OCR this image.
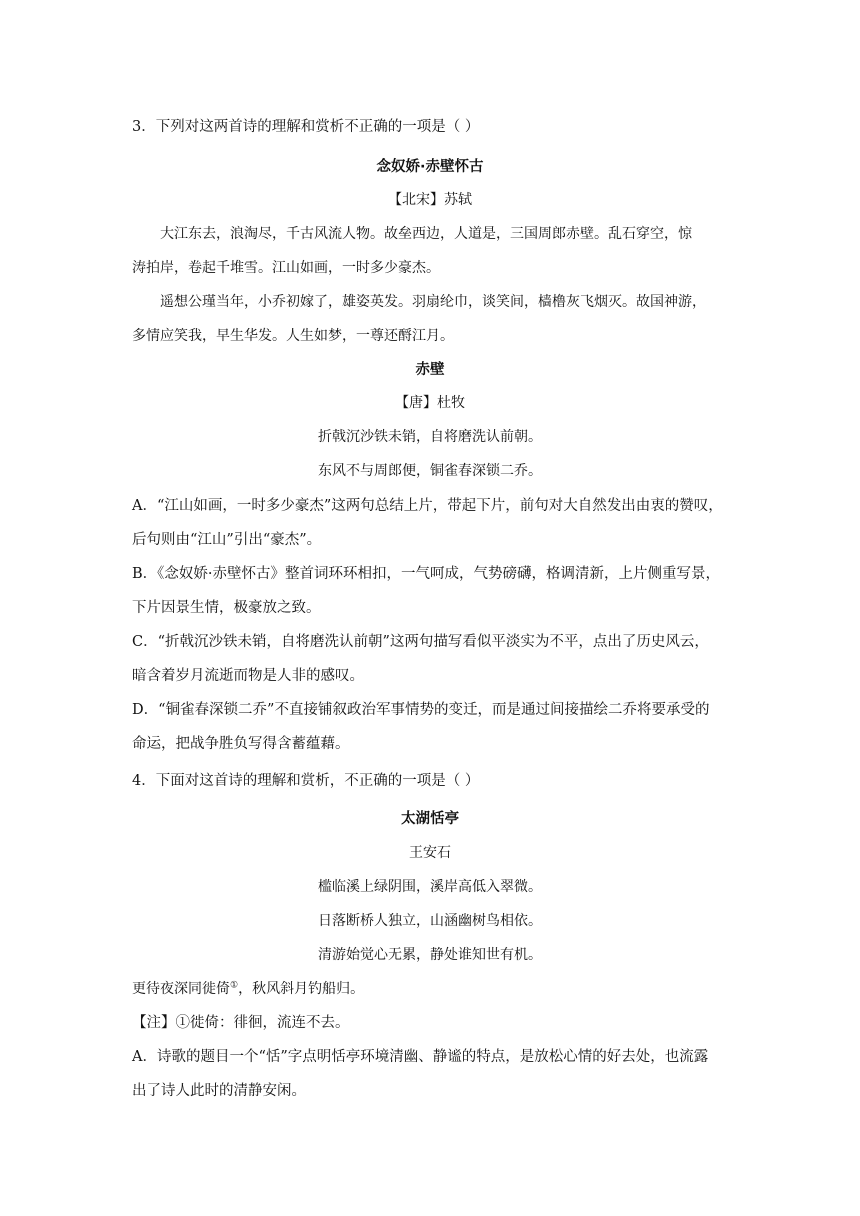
3．下列对这两首诗的理解和赏析不正确的一项是（ ）
念奴娇·赤壁怀古
【北宋】苏轼
大江东去，浪淘尽，千古风流人物。故垒西边，人道是，三国周郎赤壁。乱石穿空，惊
涛拍岸，卷起千堆雪。江山如画，一时多少豪杰。
遥想公瑾当年，小乔初嫁了，雄姿英发。羽扇纶巾，谈笑间，樯橹灰飞烟灭。故国神游，
多情应笑我，早生华发。人生如梦，一尊还酹江月。
赤壁
【唐】杜牧
折戟沉沙铁未销，自将磨洗认前朝。
东风不与周郎便，铜雀春深锁二乔。
A．“江山如画，一时多少豪杰”这两句总结上片，带起下片，前句对大自然发出由衷的赞叹，
后句则由“江山”引出“豪杰”。
B．《念奴娇·赤壁怀古》整首词环环相扣，一气呵成，气势磅礴，格调清新，上片侧重写景，
下片因景生情，极豪放之致。
C．“折戟沉沙铁未销，自将磨洗认前朝”这两句描写看似平淡实为不平，点出了历史风云，
暗含着岁月流逝而物是人非的感叹。
D．“铜雀春深锁二乔”不直接铺叙政治军事情势的变迁，而是通过间接描绘二乔将要承受的
命运，把战争胜负写得含蓄蕴藉。
4．下面对这首诗的理解和赏析，不正确的一项是（ ）
太湖恬亭
王安石
槛临溪上绿阴围，溪岸高低入翠微。
日落断桥人独立，山涵幽树鸟相依。
清游始觉心无累，静处谁知世有机。
更待夜深同徙倚①，秋风斜月钓船归。
【注】①徙倚：徘徊，流连不去。
A．诗歌的题目一个“恬”字点明恬亭环境清幽、静谧的特点，是放松心情的好去处，也流露
出了诗人此时的清静安闲。
